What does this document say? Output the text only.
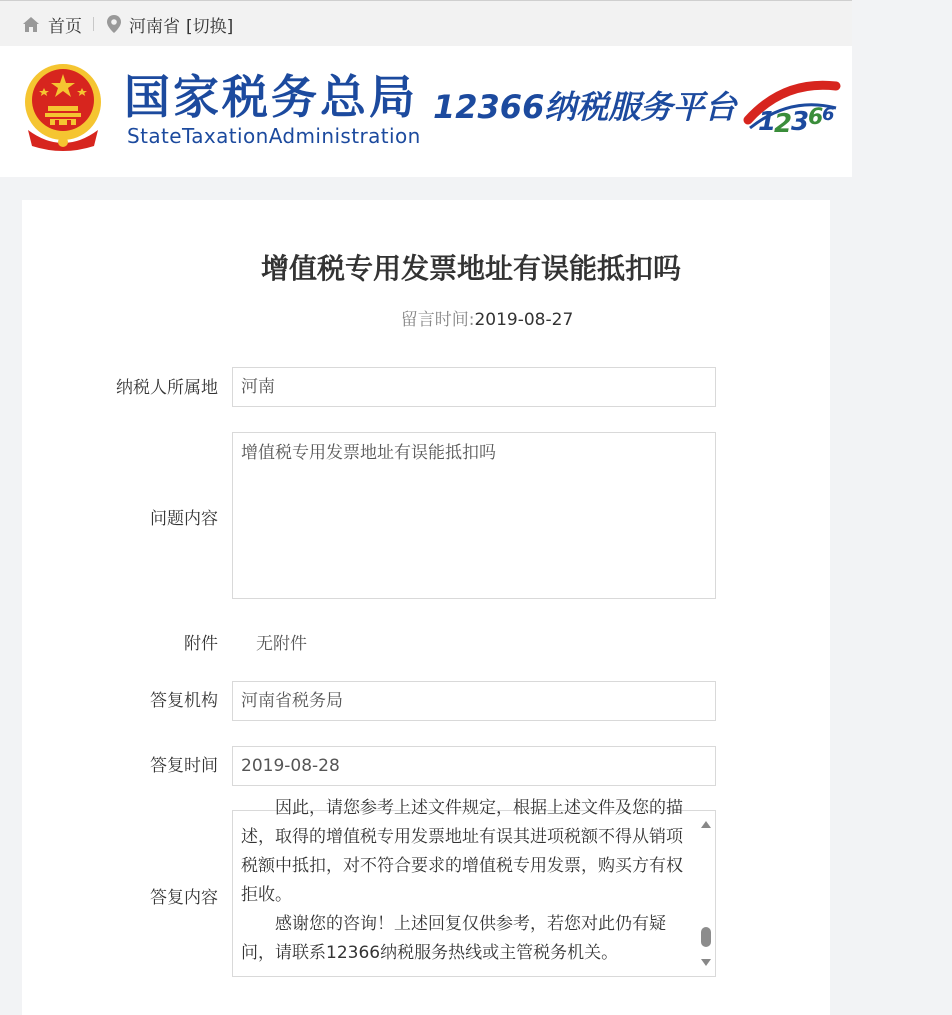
首页	河南省 [切换]
国家税务总局
StateTaxationAdministration
12366纳税服务平台 1
2
3
6
6
增值税专用发票地址有误能抵扣吗
留言时间:2019-08-27
纳税人所属地	河南
问题内容
增值税专用发票地址有误能抵扣吗
附件 无附件
答复机构	河南省税务局
答复时间	2019-08-28
答复内容

因此，请您参考上述文件规定，根据上述文件及您的描述，取得的增值税专用发票地址有误其进项税额不得从销项税额中抵扣，对不符合要求的增值税专用发票，购买方有权拒收。

感谢您的咨询！上述回复仅供参考，若您对此仍有疑问，请联系12366纳税服务热线或主管税务机关。
